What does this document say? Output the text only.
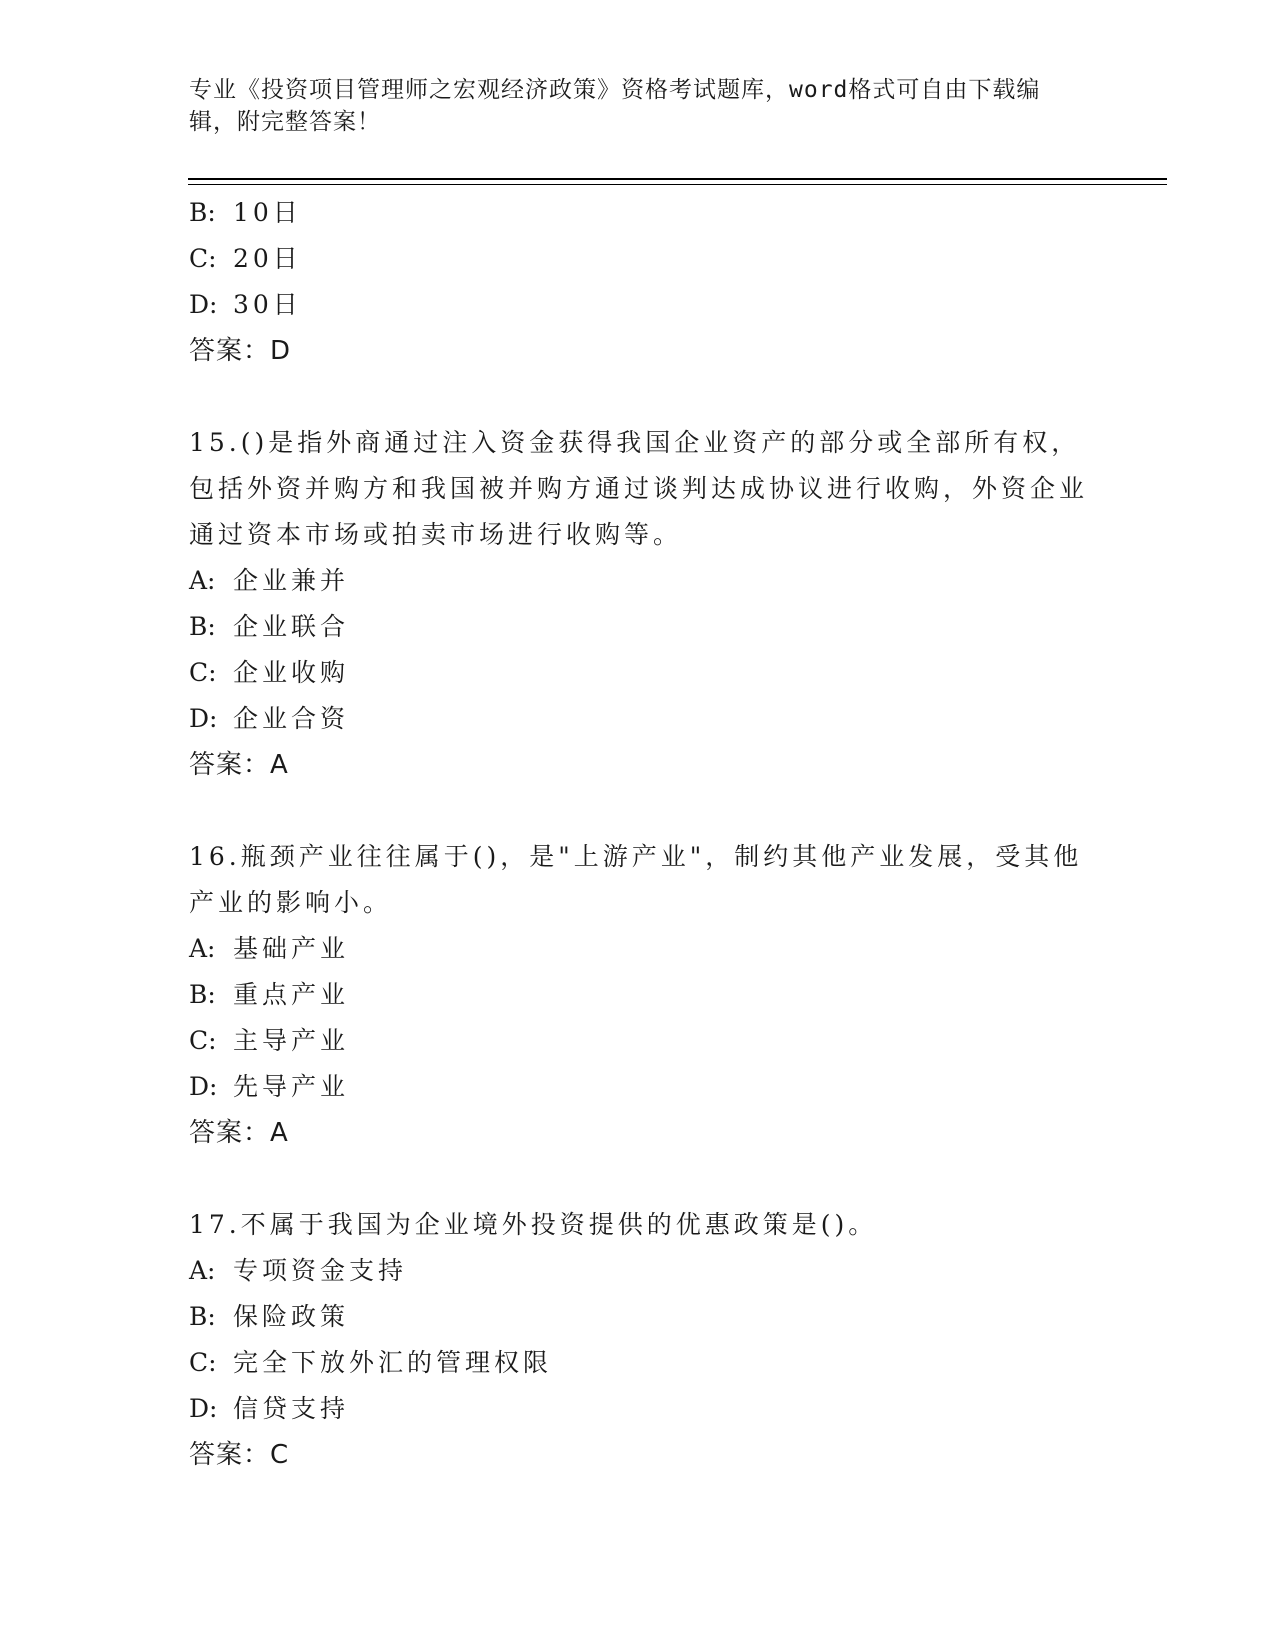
专业《投资项目管理师之宏观经济政策》资格考试题库，word格式可自由下载编辑，附完整答案！
B: 10日
C: 20日
D: 30日
答案：D
15.()是指外商通过注入资金获得我国企业资产的部分或全部所有权，包括外资并购方和我国被并购方通过谈判达成协议进行收购，外资企业通过资本市场或拍卖市场进行收购等。
A: 企业兼并
B: 企业联合
C: 企业收购
D: 企业合资
答案：A
16.瓶颈产业往往属于()，是"上游产业"，制约其他产业发展，受其他产业的影响小。
A: 基础产业
B: 重点产业
C: 主导产业
D: 先导产业
答案：A
17.不属于我国为企业境外投资提供的优惠政策是()。
A: 专项资金支持
B: 保险政策
C: 完全下放外汇的管理权限
D: 信贷支持
答案：C
